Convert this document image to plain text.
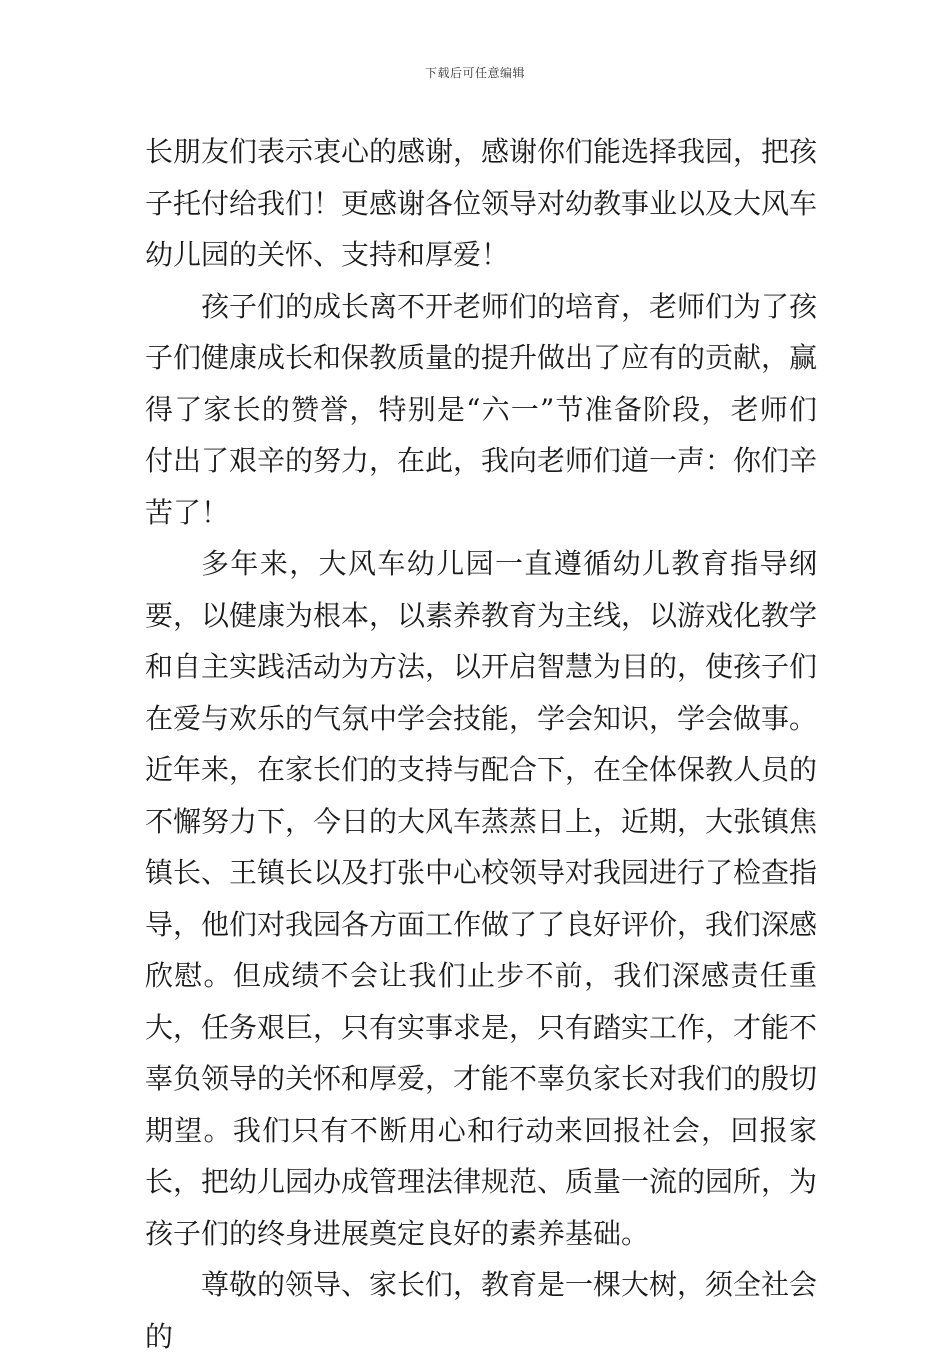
下载后可任意编辑

长朋友们表示衷心的感谢，感谢你们能选择我园，把孩子托付给我们！更感谢各位领导对幼教事业以及大风车幼儿园的关怀、支持和厚爱！

孩子们的成长离不开老师们的培育，老师们为了孩子们健康成长和保教质量的提升做出了应有的贡献，赢得了家长的赞誉，特别是“六一”节准备阶段，老师们付出了艰辛的努力，在此，我向老师们道一声：你们辛苦了！

多年来，大风车幼儿园一直遵循幼儿教育指导纲要，以健康为根本，以素养教育为主线，以游戏化教学和自主实践活动为方法，以开启智慧为目的，使孩子们在爱与欢乐的气氛中学会技能，学会知识，学会做事。近年来，在家长们的支持与配合下，在全体保教人员的不懈努力下，今日的大风车蒸蒸日上，近期，大张镇焦镇长、王镇长以及打张中心校领导对我园进行了检查指导，他们对我园各方面工作做了了良好评价，我们深感欣慰。但成绩不会让我们止步不前，我们深感责任重大，任务艰巨，只有实事求是，只有踏实工作，才能不辜负领导的关怀和厚爱，才能不辜负家长对我们的殷切期望。我们只有不断用心和行动来回报社会，回报家长，把幼儿园办成管理法律规范、质量一流的园所，为孩子们的终身进展奠定良好的素养基础。

尊敬的领导、家长们，教育是一棵大树，须全社会的
